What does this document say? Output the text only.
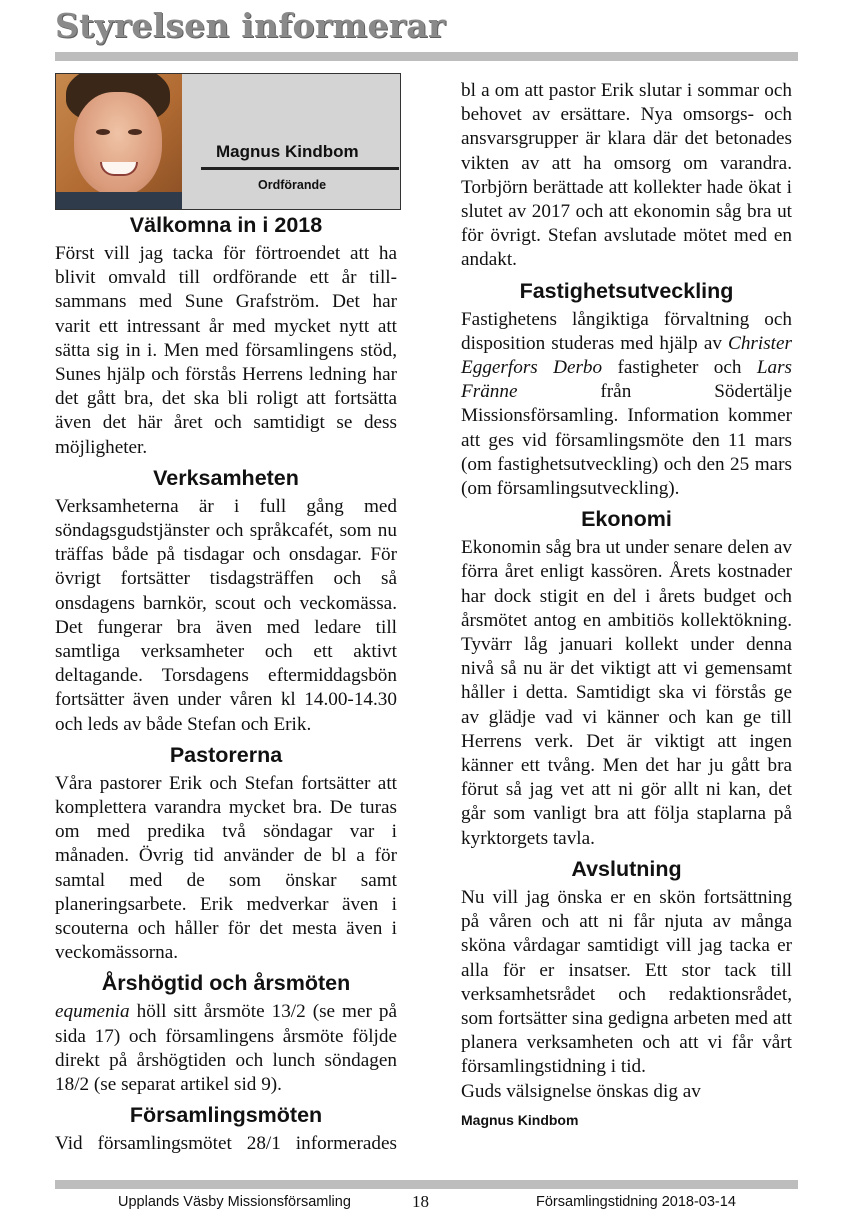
Styrelsen informerar
Magnus Kindbom
Ordförande
Välkomna in i 2018

Först vill jag tacka för förtroendet att ha blivit omvald till ordförande ett år tillsammans med Sune Grafström. Det har varit ett intressant år med mycket nytt att sätta sig in i. Men med församlingens stöd, Sunes hjälp och förstås Herrens ledning har det gått bra, det ska bli roligt att fortsätta även det här året och samtidigt se dess möjligheter.

Verksamheten

Verksamheterna är i full gång med söndagsgudstjänster och språkcafét, som nu träffas både på tisdagar och onsdagar. För övrigt fortsätter tisdagsträffen och så onsdagens barnkör, scout och veckomässa. Det fungerar bra även med ledare till samtliga verksamheter och ett aktivt deltagande. Torsdagens eftermiddagsbön fortsätter även under våren kl 14.00-14.30 och leds av både Stefan och Erik.

Pastorerna

Våra pastorer Erik och Stefan fortsätter att komplettera varandra mycket bra. De turas om med predika två söndagar var i månaden. Övrig tid använder de bl a för samtal med de som önskar samt planeringsarbete. Erik medverkar även i scouterna och håller för det mesta även i veckomässorna.

Årshögtid och årsmöten

equmenia höll sitt årsmöte 13/2 (se mer på sida 17) och församlingens årsmöte följde direkt på årshögtiden och lunch söndagen 18/2 (se separat artikel sid 9).

Församlingsmöten

Vid församlingsmötet 28/1 informerades

bl a om att pastor Erik slutar i sommar och behovet av ersättare. Nya omsorgs- och ansvarsgrupper är klara där det betonades vikten av att ha omsorg om varandra. Torbjörn berättade att kollekter hade ökat i slutet av 2017 och att ekonomin såg bra ut för övrigt. Stefan avslutade mötet med en andakt.

Fastighetsutveckling

Fastighetens långiktiga förvaltning och disposition studeras med hjälp av Christer Eggerfors Derbo fastigheter och Lars Fränne från Södertälje Missionsförsamling. Information kommer att ges vid församlingsmöte den 11 mars (om fastighetsutveckling) och den 25 mars (om församlingsutveckling).

Ekonomi

Ekonomin såg bra ut under senare delen av förra året enligt kassören. Årets kostnader har dock stigit en del i årets budget och årsmötet antog en ambitiös kollektökning. Tyvärr låg januari kollekt under denna nivå så nu är det viktigt att vi gemensamt håller i detta. Samtidigt ska vi förstås ge av glädje vad vi känner och kan ge till Herrens verk. Det är viktigt att ingen känner ett tvång. Men det har ju gått bra förut så jag vet att ni gör allt ni kan, det går som vanligt bra att följa staplarna på kyrktorgets tavla.

Avslutning

Nu vill jag önska er en skön fortsättning på våren och att ni får njuta av många sköna vårdagar samtidigt vill jag tacka er alla för er insatser. Ett stor tack till verksamhetsrådet och redaktionsrådet, som fortsätter sina gedigna arbeten med att planera verksamheten och att vi får vårt församlingstidning i tid.

Guds välsignelse önskas dig av

Magnus Kindbom
Upplands Väsby Missionsförsamling	18	Församlingstidning 2018-03-14
